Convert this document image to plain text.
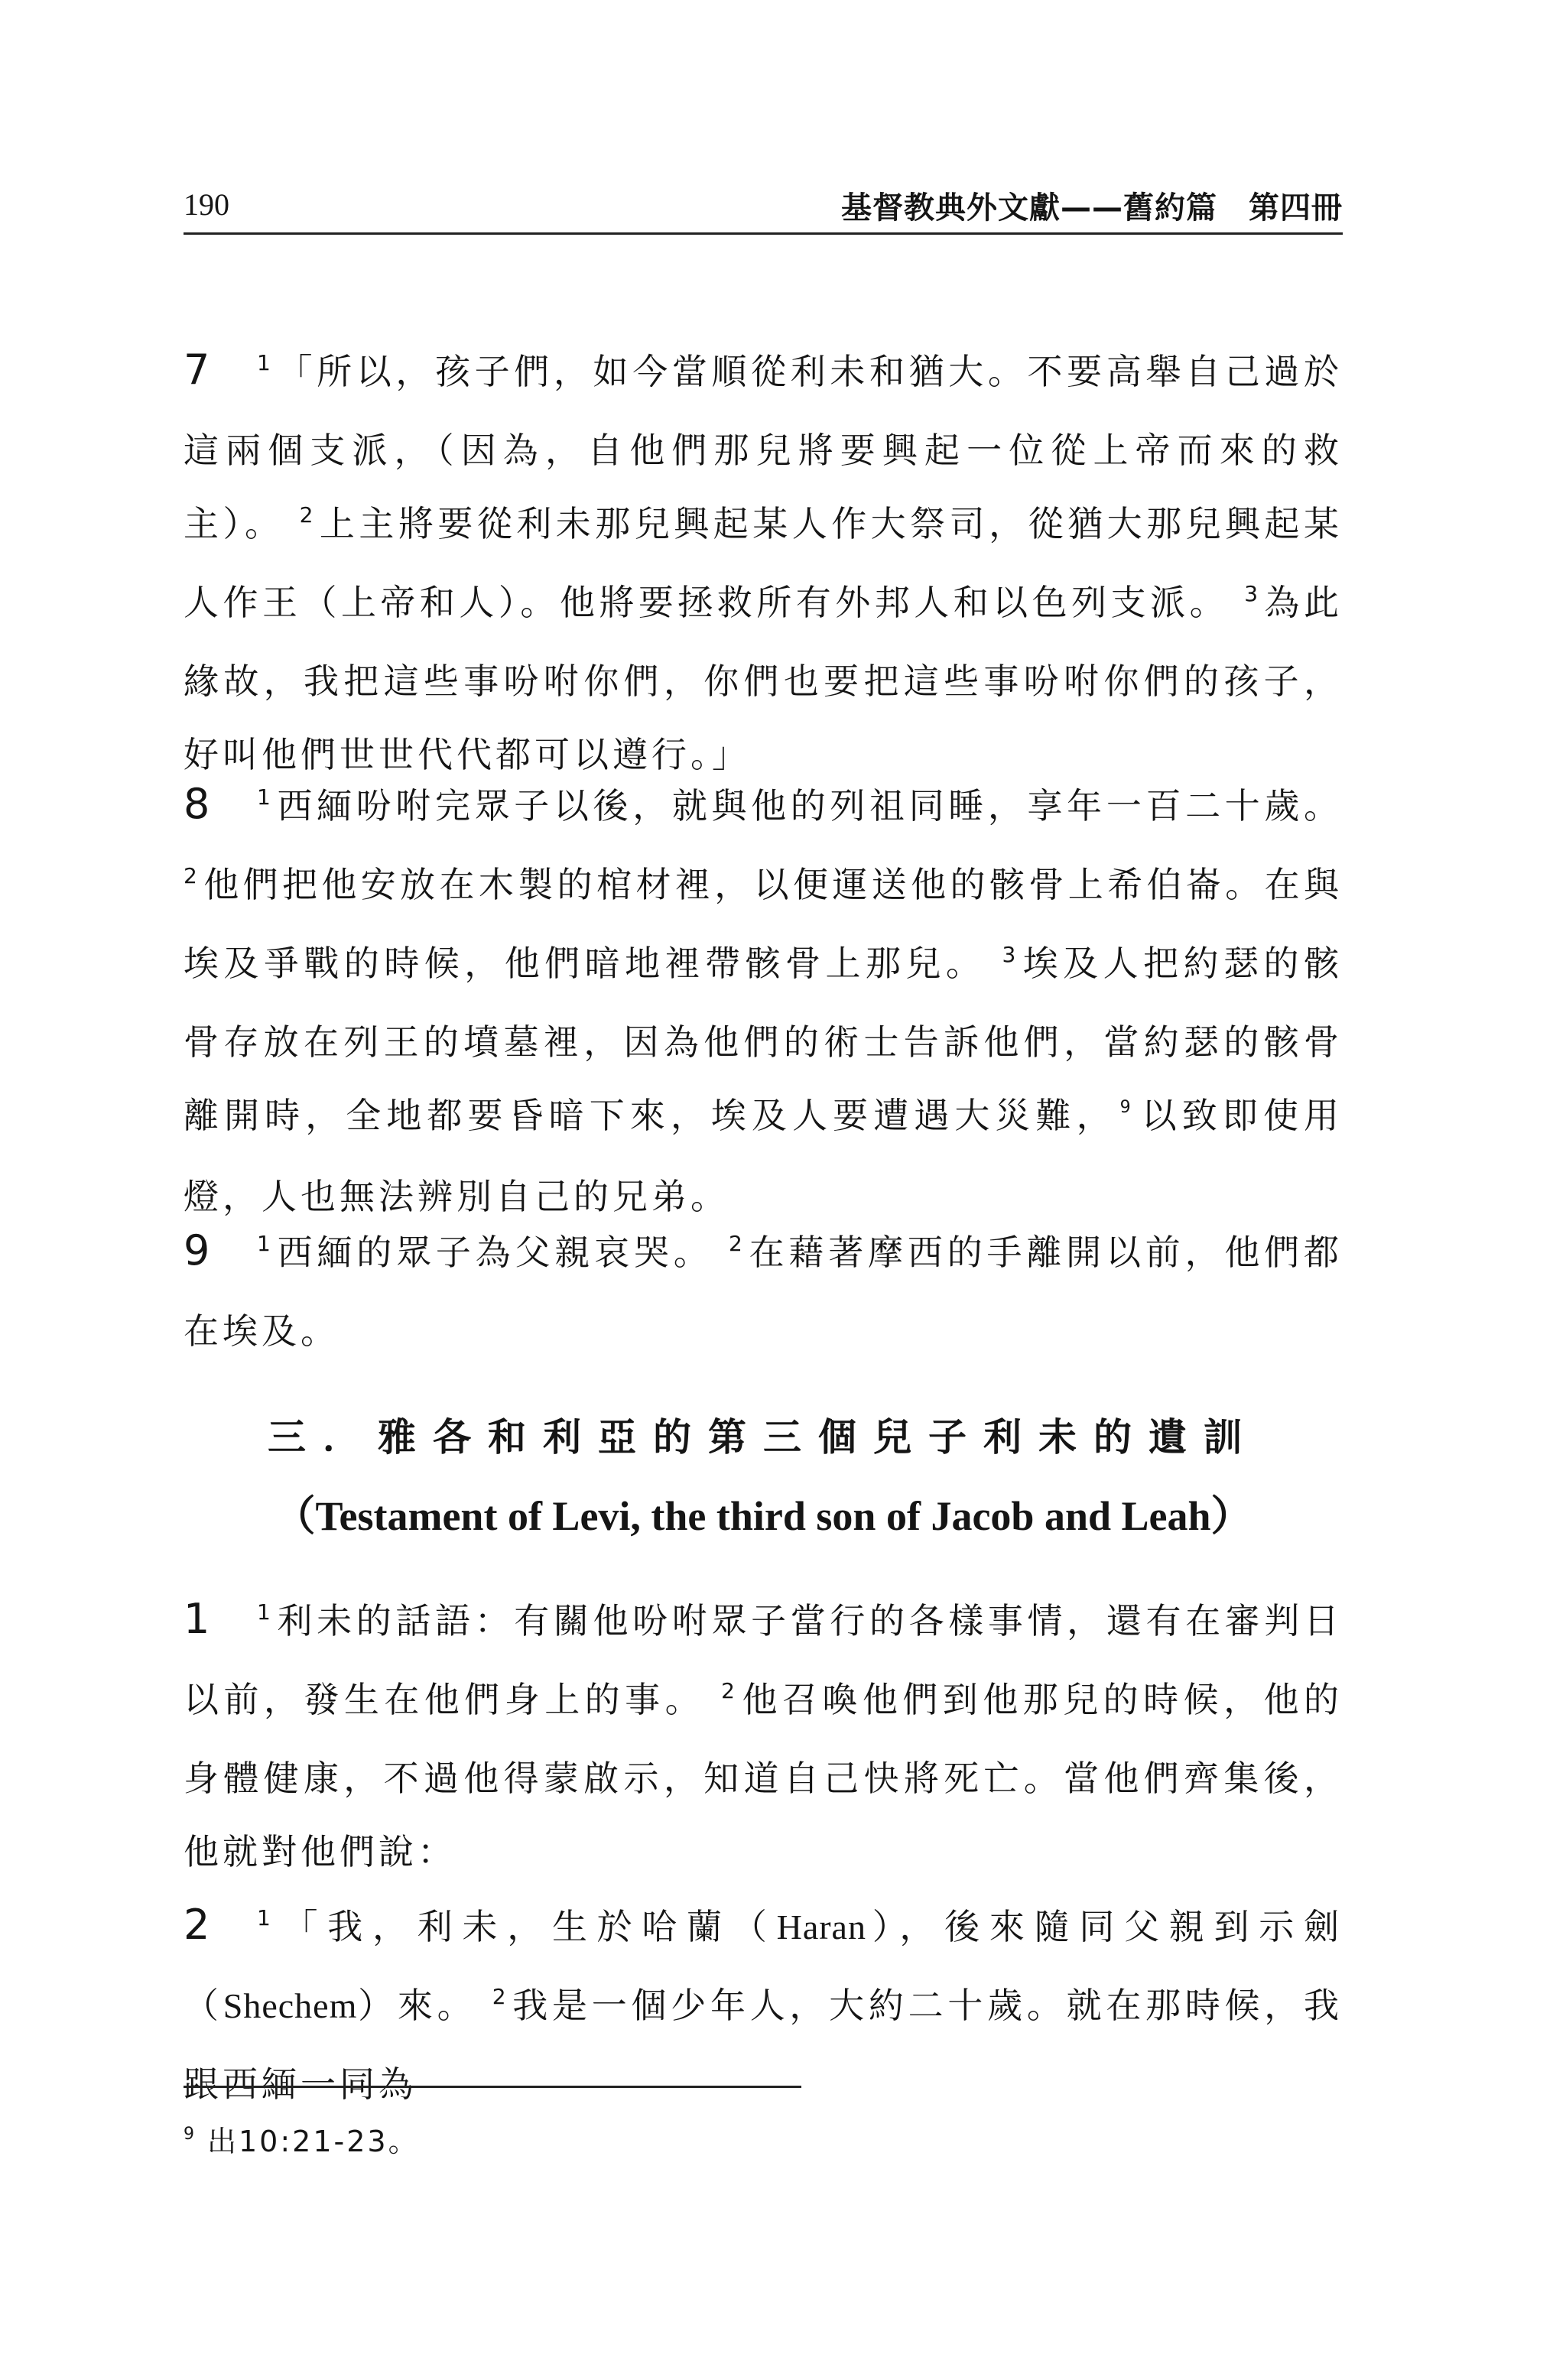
190	基督教典外文獻——舊約篇　第四冊

7 $^1$ 「所以，孩子們，如今當順從利未和猶大。不要高舉自己過於這兩個支派，（因為，自他們那兒將要興起一位從上帝而來的救主）。 $^2$ 上主將要從利未那兒興起某人作大祭司，從猶大那兒興起某人作王（上帝和人）。他將要拯救所有外邦人和以色列支派。 $^3$ 為此緣故，我把這些事吩咐你們，你們也要把這些事吩咐你們的孩子，好叫他們世世代代都可以遵行。」

8 $^1$ 西緬吩咐完眾子以後，就與他的列祖同睡，享年一百二十歲。 $^2$ 他們把他安放在木製的棺材裡，以便運送他的骸骨上希伯崙。在與埃及爭戰的時候，他們暗地裡帶骸骨上那兒。 $^3$ 埃及人把約瑟的骸骨存放在列王的墳墓裡，因為他們的術士告訴他們，當約瑟的骸骨離開時，全地都要昏暗下來，埃及人要遭遇大災難， $^9$ 以致即使用燈，人也無法辨別自己的兄弟。

9 $^1$ 西緬的眾子為父親哀哭。 $^2$ 在藉著摩西的手離開以前，他們都在埃及。

三．雅各和利亞的第三個兒子利未的遺訓

（Testament of Levi, the third son of Jacob and Leah）

1 $^1$ 利未的話語：有關他吩咐眾子當行的各樣事情，還有在審判日以前，發生在他們身上的事。 $^2$ 他召喚他們到他那兒的時候，他的身體健康，不過他得蒙啟示，知道自己快將死亡。當他們齊集後，他就對他們說：

2 $^1$ 「我，利未，生於哈蘭（Haran），後來隨同父親到示劍（Shechem）來。 $^2$ 我是一個少年人，大約二十歲。就在那時候，我跟西緬一同為

$^9$ 出10:21-23。
